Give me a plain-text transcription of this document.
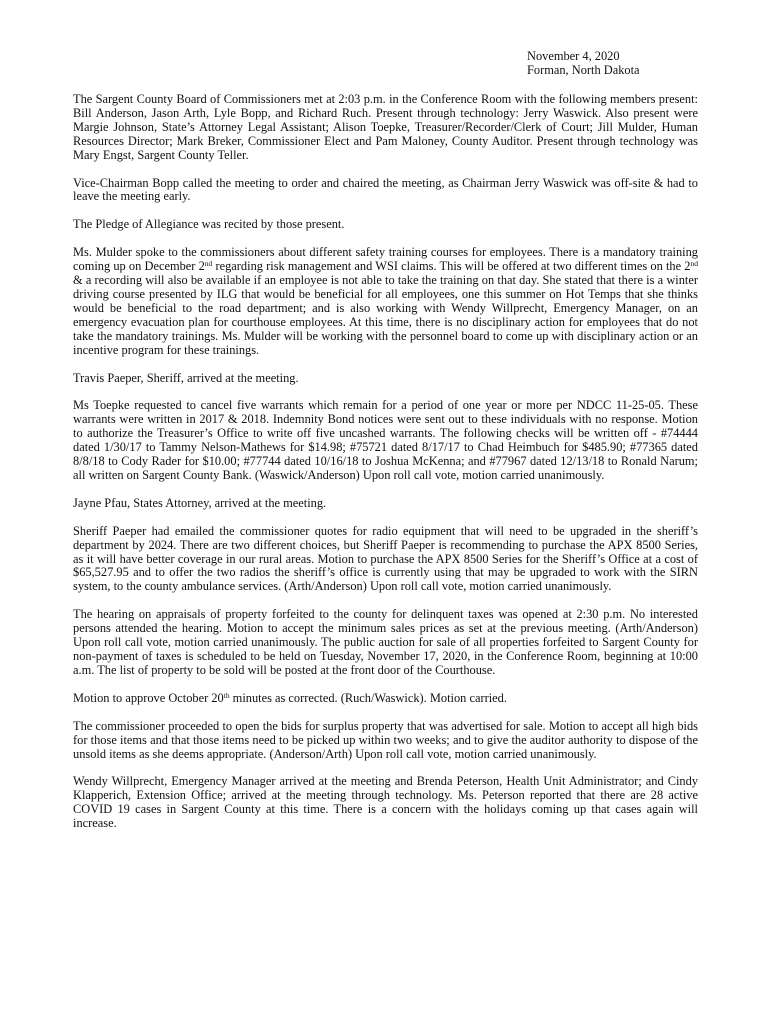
November 4, 2020
Forman, North Dakota

The Sargent County Board of Commissioners met at 2:03 p.m. in the Conference Room with the following members present: Bill Anderson, Jason Arth, Lyle Bopp, and Richard Ruch. Present through technology: Jerry Waswick. Also present were Margie Johnson, State’s Attorney Legal Assistant; Alison Toepke, Treasurer/Recorder/Clerk of Court; Jill Mulder, Human Resources Director; Mark Breker, Commissioner Elect and Pam Maloney, County Auditor. Present through technology was Mary Engst, Sargent County Teller.

Vice-Chairman Bopp called the meeting to order and chaired the meeting, as Chairman Jerry Waswick was off-site & had to leave the meeting early.

The Pledge of Allegiance was recited by those present.

Ms. Mulder spoke to the commissioners about different safety training courses for employees. There is a mandatory training coming up on December 2nd regarding risk management and WSI claims. This will be offered at two different times on the 2nd & a recording will also be available if an employee is not able to take the training on that day. She stated that there is a winter driving course presented by ILG that would be beneficial for all employees, one this summer on Hot Temps that she thinks would be beneficial to the road department; and is also working with Wendy Willprecht, Emergency Manager, on an emergency evacuation plan for courthouse employees. At this time, there is no disciplinary action for employees that do not take the mandatory trainings. Ms. Mulder will be working with the personnel board to come up with disciplinary action or an incentive program for these trainings.

Travis Paeper, Sheriff, arrived at the meeting.

Ms Toepke requested to cancel five warrants which remain for a period of one year or more per NDCC 11-25-05. These warrants were written in 2017 & 2018. Indemnity Bond notices were sent out to these individuals with no response. Motion to authorize the Treasurer’s Office to write off five uncashed warrants. The following checks will be written off - #74444 dated 1/30/17 to Tammy Nelson-Mathews for $14.98; #75721 dated 8/17/17 to Chad Heimbuch for $485.90; #77365 dated 8/8/18 to Cody Rader for $10.00; #77744 dated 10/16/18 to Joshua McKenna; and #77967 dated 12/13/18 to Ronald Narum; all written on Sargent County Bank. (Waswick/Anderson) Upon roll call vote, motion carried unanimously.

Jayne Pfau, States Attorney, arrived at the meeting.

Sheriff Paeper had emailed the commissioner quotes for radio equipment that will need to be upgraded in the sheriff’s department by 2024. There are two different choices, but Sheriff Paeper is recommending to purchase the APX 8500 Series, as it will have better coverage in our rural areas. Motion to purchase the APX 8500 Series for the Sheriff’s Office at a cost of $65,527.95 and to offer the two radios the sheriff’s office is currently using that may be upgraded to work with the SIRN system, to the county ambulance services. (Arth/Anderson) Upon roll call vote, motion carried unanimously.

The hearing on appraisals of property forfeited to the county for delinquent taxes was opened at 2:30 p.m. No interested persons attended the hearing. Motion to accept the minimum sales prices as set at the previous meeting. (Arth/Anderson) Upon roll call vote, motion carried unanimously. The public auction for sale of all properties forfeited to Sargent County for non-payment of taxes is scheduled to be held on Tuesday, November 17, 2020, in the Conference Room, beginning at 10:00 a.m. The list of property to be sold will be posted at the front door of the Courthouse.

Motion to approve October 20th minutes as corrected. (Ruch/Waswick). Motion carried.

The commissioner proceeded to open the bids for surplus property that was advertised for sale. Motion to accept all high bids for those items and that those items need to be picked up within two weeks; and to give the auditor authority to dispose of the unsold items as she deems appropriate. (Anderson/Arth) Upon roll call vote, motion carried unanimously.

Wendy Willprecht, Emergency Manager arrived at the meeting and Brenda Peterson, Health Unit Administrator; and Cindy Klapperich, Extension Office; arrived at the meeting through technology. Ms. Peterson reported that there are 28 active COVID 19 cases in Sargent County at this time. There is a concern with the holidays coming up that cases again will increase.
